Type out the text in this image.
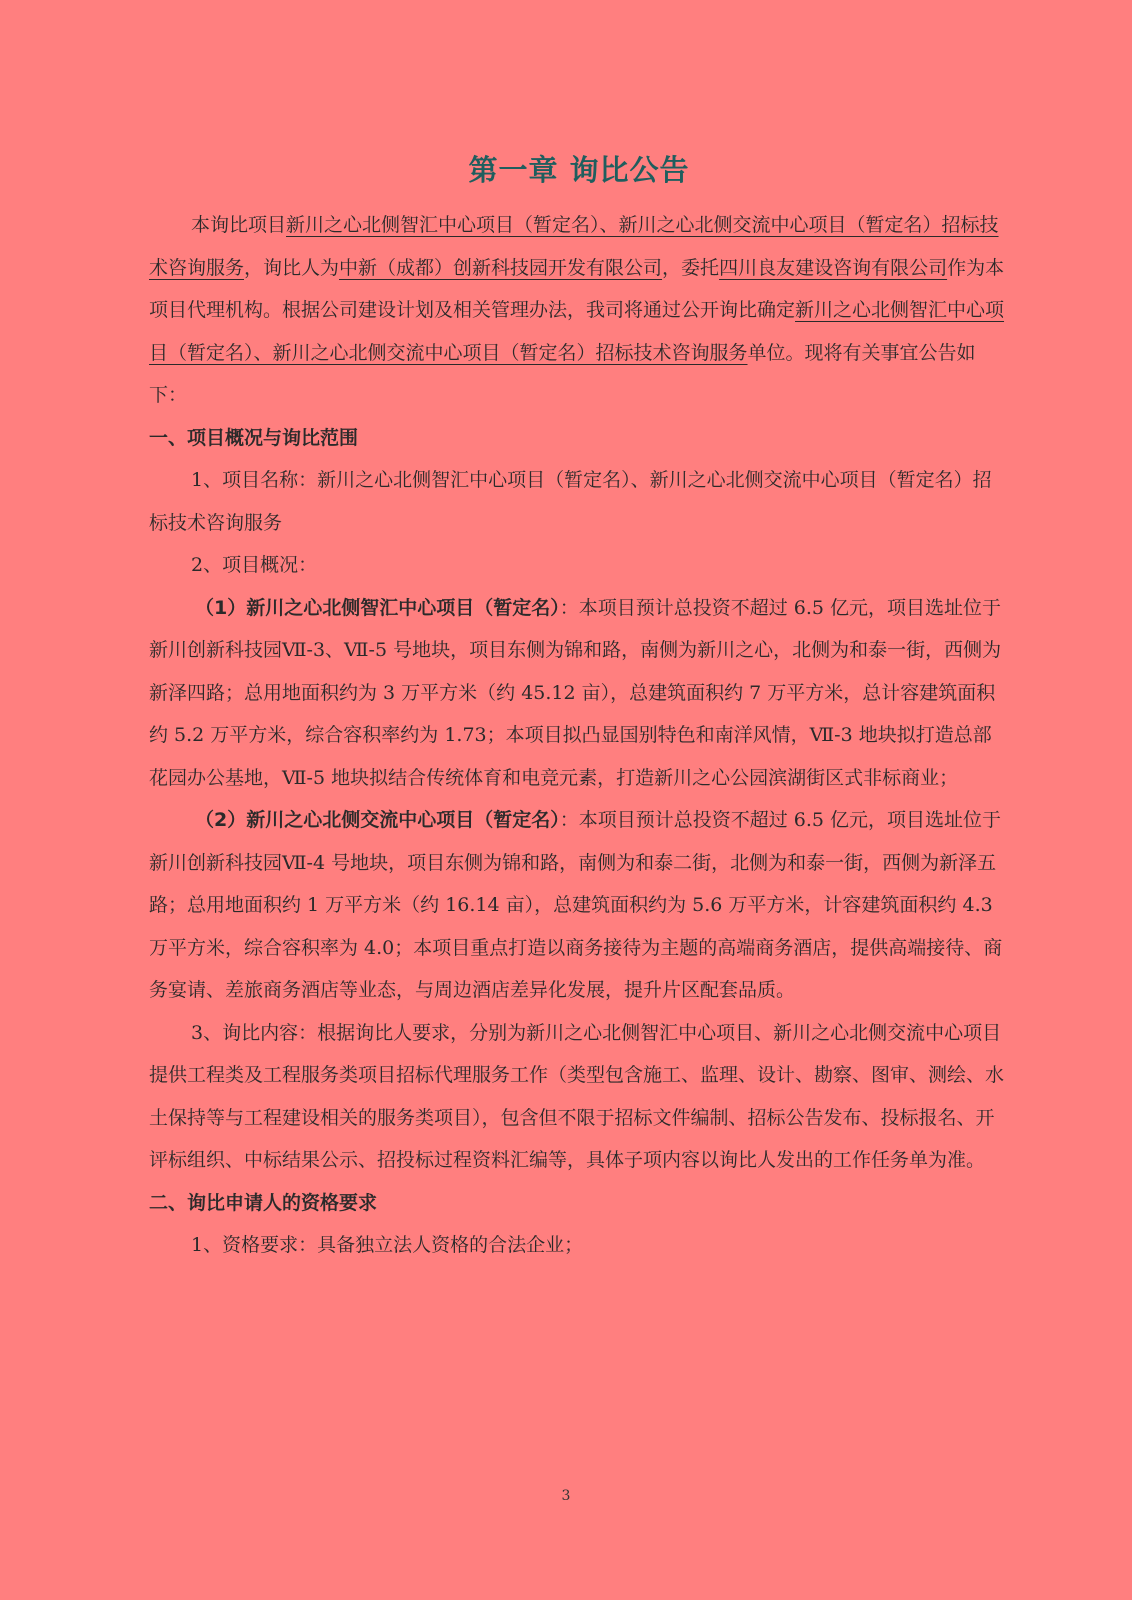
第一章 询比公告

本询比项目新川之心北侧智汇中心项目（暂定名）、新川之心北侧交流中心项目（暂定名）招标技术咨询服务，询比人为中新（成都）创新科技园开发有限公司，委托四川良友建设咨询有限公司作为本项目代理机构。根据公司建设计划及相关管理办法，我司将通过公开询比确定新川之心北侧智汇中心项目（暂定名）、新川之心北侧交流中心项目（暂定名）招标技术咨询服务单位。现将有关事宜公告如下：

一、项目概况与询比范围

1、项目名称：新川之心北侧智汇中心项目（暂定名）、新川之心北侧交流中心项目（暂定名）招标技术咨询服务

2、项目概况：

（1）新川之心北侧智汇中心项目（暂定名）：本项目预计总投资不超过 6.5 亿元，项目选址位于新川创新科技园Ⅶ-3、Ⅶ-5 号地块，项目东侧为锦和路，南侧为新川之心，北侧为和泰一街，西侧为新泽四路；总用地面积约为 3 万平方米（约 45.12 亩），总建筑面积约 7 万平方米，总计容建筑面积约 5.2 万平方米，综合容积率约为 1.73；本项目拟凸显国别特色和南洋风情，Ⅶ-3 地块拟打造总部花园办公基地，Ⅶ-5 地块拟结合传统体育和电竞元素，打造新川之心公园滨湖街区式非标商业；

（2）新川之心北侧交流中心项目（暂定名）：本项目预计总投资不超过 6.5 亿元，项目选址位于新川创新科技园Ⅶ-4 号地块，项目东侧为锦和路，南侧为和泰二街，北侧为和泰一街，西侧为新泽五路；总用地面积约 1 万平方米（约 16.14 亩），总建筑面积约为 5.6 万平方米，计容建筑面积约 4.3 万平方米，综合容积率为 4.0；本项目重点打造以商务接待为主题的高端商务酒店，提供高端接待、商务宴请、差旅商务酒店等业态，与周边酒店差异化发展，提升片区配套品质。

3、询比内容：根据询比人要求，分别为新川之心北侧智汇中心项目、新川之心北侧交流中心项目提供工程类及工程服务类项目招标代理服务工作（类型包含施工、监理、设计、勘察、图审、测绘、水土保持等与工程建设相关的服务类项目），包含但不限于招标文件编制、招标公告发布、投标报名、开评标组织、中标结果公示、招投标过程资料汇编等，具体子项内容以询比人发出的工作任务单为准。

二、询比申请人的资格要求

1、资格要求：具备独立法人资格的合法企业；

3
